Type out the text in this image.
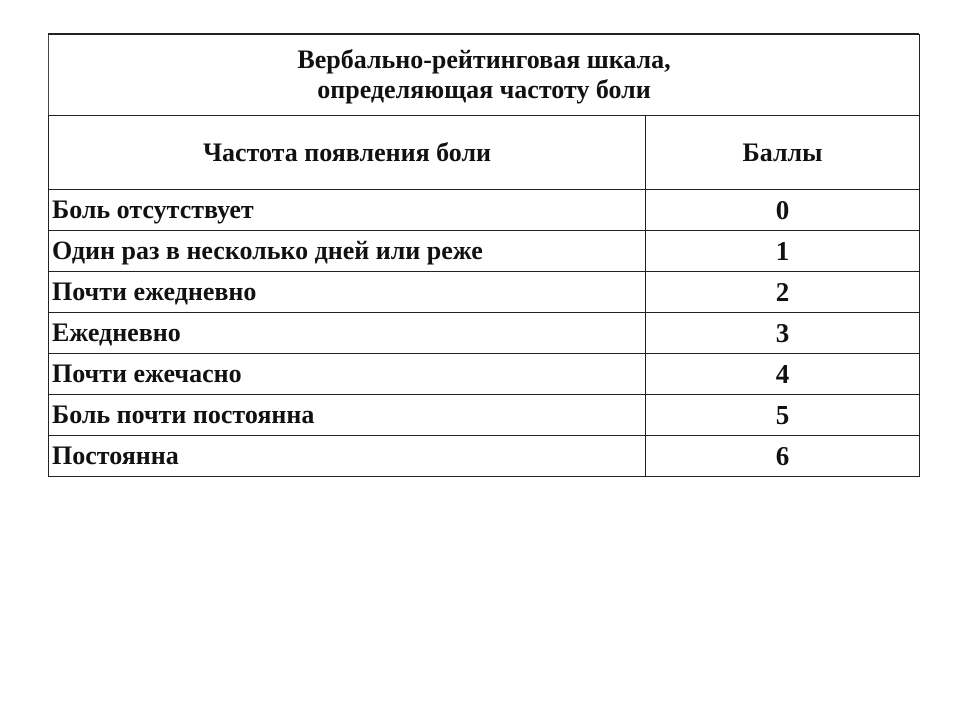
Вербально-рейтинговая шкала,
определяющая частоту боли	

Частота появления боли	Баллы
Боль отсутствует	0
Один раз в несколько дней или реже	1
Почти ежедневно	2
Ежедневно	3
Почти ежечасно	4
Боль почти постоянна	5
Постоянна	6
